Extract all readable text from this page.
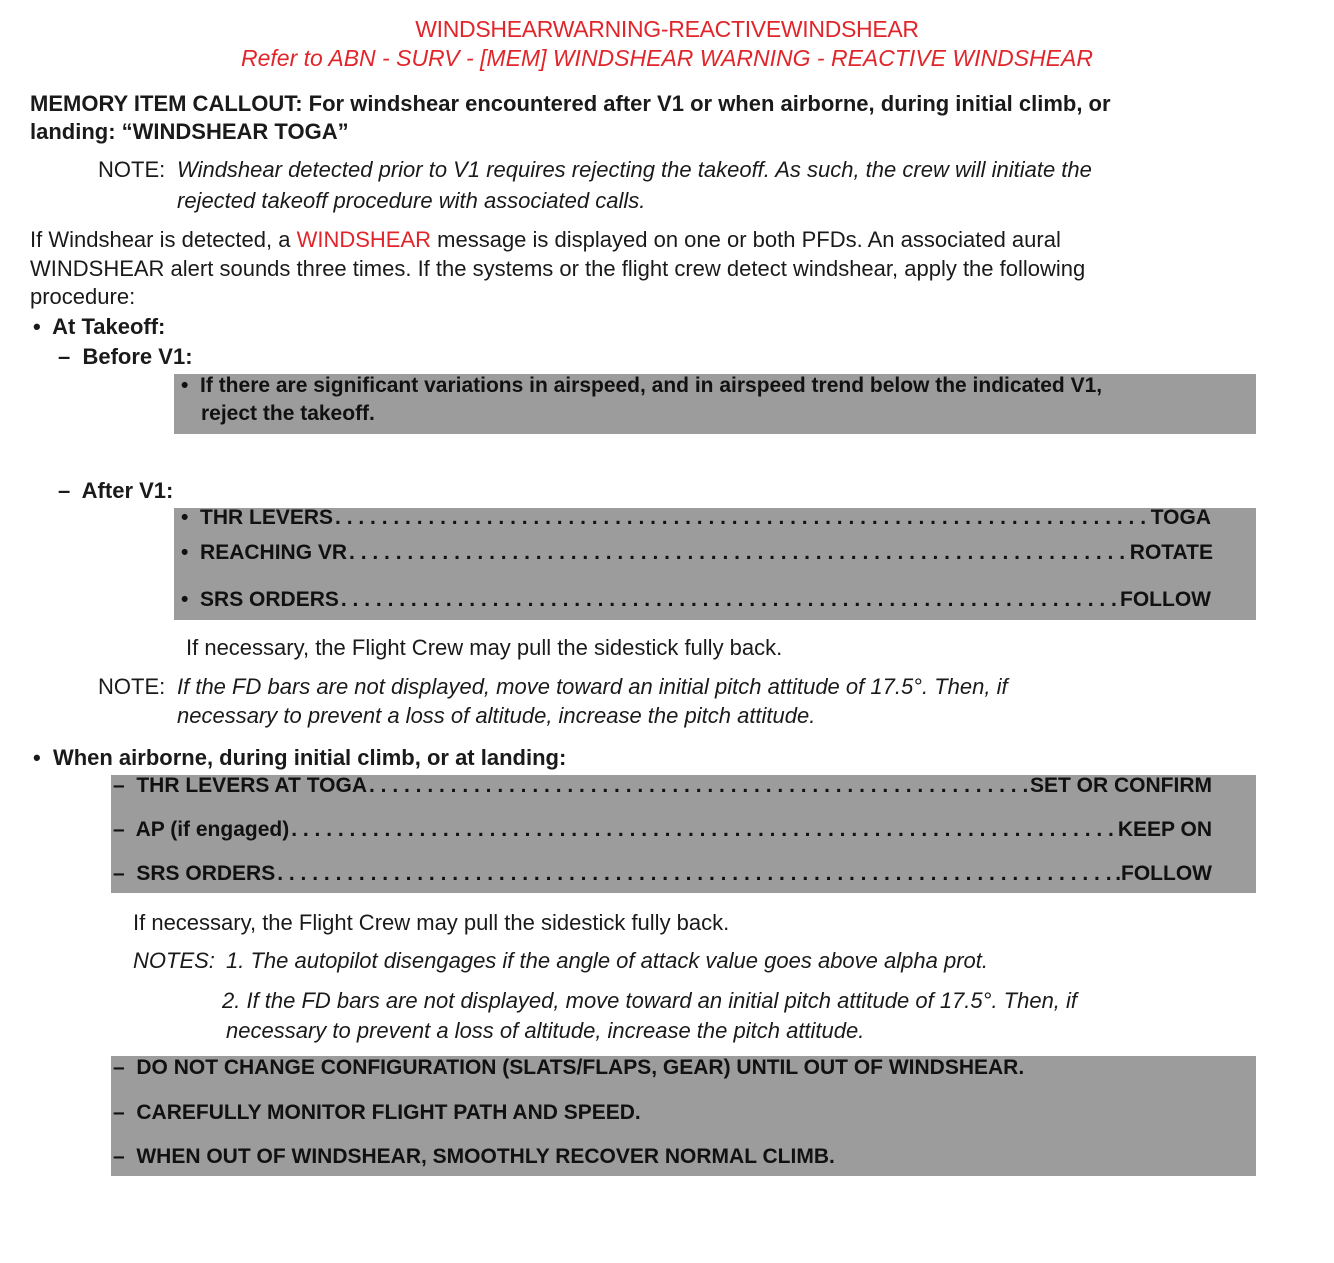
WINDSHEARWARNING-REACTIVEWINDSHEAR
Refer to ABN - SURV - [MEM] WINDSHEAR WARNING - REACTIVE WINDSHEAR
MEMORY ITEM CALLOUT: For windshear encountered after V1 or when airborne, during initial climb, or
landing: “WINDSHEAR TOGA”
NOTE: Windshear detected prior to V1 requires rejecting the takeoff. As such, the crew will initiate the
rejected takeoff procedure with associated calls.
If Windshear is detected, a WINDSHEAR message is displayed on one or both PFDs. An associated aural
WINDSHEAR alert sounds three times. If the systems or the flight crew detect windshear, apply the following
procedure:
• At Takeoff:
– Before V1:
•  If there are significant variations in airspeed, and in airspeed trend below the indicated V1,
reject the takeoff.
– After V1:
•  THR LEVERS . . .	TOGA
•  REACHING VR . . .	ROTATE
•  SRS ORDERS . . .	FOLLOW
If necessary, the Flight Crew may pull the sidestick fully back.
NOTE: If the FD bars are not displayed, move toward an initial pitch attitude of 17.5°. Then, if
necessary to prevent a loss of altitude, increase the pitch attitude.
• When airborne, during initial climb, or at landing:
–  THR LEVERS AT TOGA . . .	SET OR CONFIRM
–  AP (if engaged) . . .	KEEP ON
–  SRS ORDERS . . .	.FOLLOW
If necessary, the Flight Crew may pull the sidestick fully back.
NOTES: 1. The autopilot disengages if the angle of attack value goes above alpha prot.
2. If the FD bars are not displayed, move toward an initial pitch attitude of 17.5°. Then, if
necessary to prevent a loss of altitude, increase the pitch attitude.
–  DO NOT CHANGE CONFIGURATION (SLATS/FLAPS, GEAR) UNTIL OUT OF WINDSHEAR.
–  CAREFULLY MONITOR FLIGHT PATH AND SPEED.
–  WHEN OUT OF WINDSHEAR, SMOOTHLY RECOVER NORMAL CLIMB.
